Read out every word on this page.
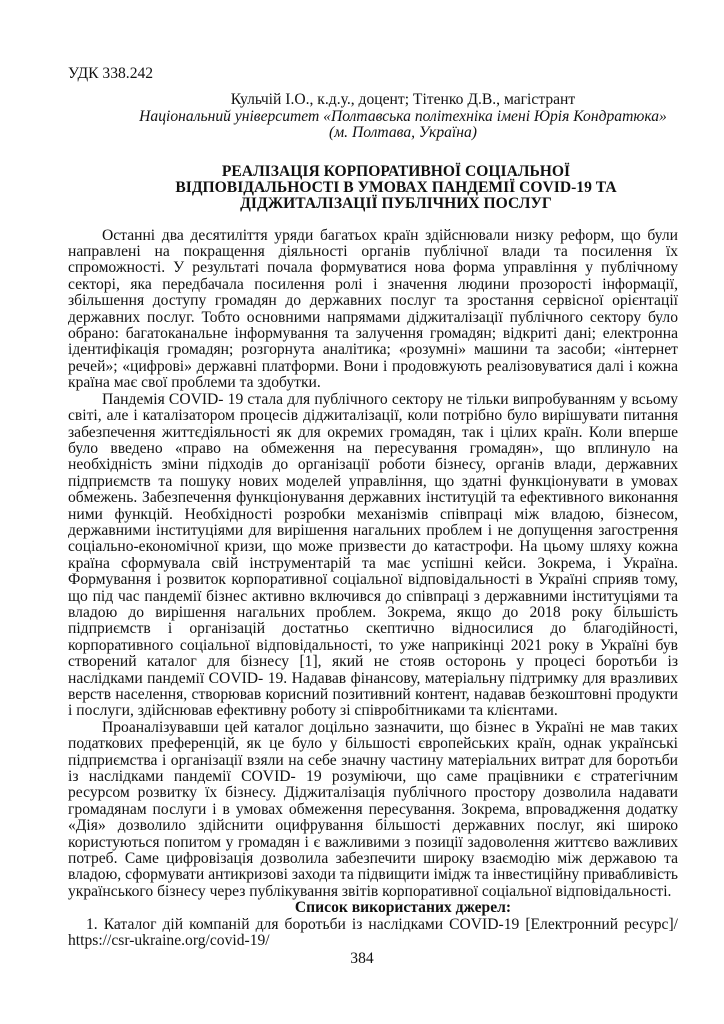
УДК 338.242
Кульчій І.О., к.д.у., доцент; Тітенко Д.В., магістрант
Національний університет «Полтавська політехніка імені Юрія Кондратюка»
(м. Полтава, Україна)
РЕАЛІЗАЦІЯ КОРПОРАТИВНОЇ СОЦІАЛЬНОЇ ВІДПОВІДАЛЬНОСТІ В УМОВАХ ПАНДЕМІЇ COVID-19 ТА ДІДЖИТАЛІЗАЦІЇ ПУБЛІЧНИХ ПОСЛУГ

Останні два десятиліття уряди багатьох країн здійснювали низку реформ, що були направлені на покращення діяльності органів публічної влади та посилення їх спроможності. У результаті почала формуватися нова форма управління у публічному секторі, яка передбачала посилення ролі і значення людини прозорості інформації, збільшення доступу громадян до державних послуг та зростання сервісної орієнтації державних послуг. Тобто основними напрямами діджиталізації публічного сектору було обрано: багатоканальне інформування та залучення громадян; відкриті дані; електронна ідентифікація громадян; розгорнута аналітика; «розумні» машини та засоби; «інтернет речей»; «цифрові» державні платформи. Вони і продовжують реалізовуватися далі і кожна країна має свої проблеми та здобутки.

Пандемія COVID- 19 стала для публічного сектору не тільки випробуванням у всьому світі, але і каталізатором процесів діджиталізації, коли потрібно було вирішувати питання забезпечення життєдіяльності як для окремих громадян, так і цілих країн. Коли вперше було введено «право на обмеження на пересування громадян», що вплинуло на необхідність зміни підходів до організації роботи бізнесу, органів влади, державних підприємств та пошуку нових моделей управління, що здатні функціонувати в умовах обмежень. Забезпечення функціонування державних інституцій та ефективного виконання ними функцій. Необхідності розробки механізмів співпраці між владою, бізнесом, державними інституціями для вирішення нагальних проблем і не допущення загострення соціально-економічної кризи, що може призвести до катастрофи. На цьому шляху кожна країна сформувала свій інструментарій та має успішні кейси. Зокрема, і Україна. Формування і розвиток корпоративної соціальної відповідальності в Україні сприяв тому, що під час пандемії бізнес активно включився до співпраці з державними інституціями та владою до вирішення нагальних проблем. Зокрема, якщо до 2018 року більшість підприємств і організацій достатньо скептично відносилися до благодійності, корпоративного соціальної відповідальності, то уже наприкінці 2021 року в Україні був створений каталог для бізнесу [1], який не стояв осторонь у процесі боротьби із наслідками пандемії COVID- 19. Надавав фінансову, матеріальну підтримку для вразливих верств населення, створював корисний позитивний контент, надавав безкоштовні продукти і послуги, здійснював ефективну роботу зі співробітниками та клієнтами.

Проаналізувавши цей каталог доцільно зазначити, що бізнес в Україні не мав таких податкових преференцій, як це було у більшості європейських країн, однак українські підприємства і організації взяли на себе значну частину матеріальних витрат для боротьби із наслідками пандемії COVID- 19 розуміючи, що саме працівники є стратегічним ресурсом розвитку їх бізнесу. Діджиталізація публічного простору дозволила надавати громадянам послуги і в умовах обмеження пересування. Зокрема, впровадження додатку «Дія» дозволило здійснити оцифрування більшості державних послуг, які широко користуються попитом у громадян і є важливими з позиції задоволення життєво важливих потреб. Саме цифровізація дозволила забезпечити широку взаємодію між державою та владою, сформувати антикризові заходи та підвищити імідж та інвестиційну привабливість українського бізнесу через публікування звітів корпоративної соціальної відповідальності.

Список використаних джерел:

1. Каталог дій компаній для боротьби із наслідками COVID-19 [Електронний ресурс]/ https://csr-ukraine.org/covid-19/

384
